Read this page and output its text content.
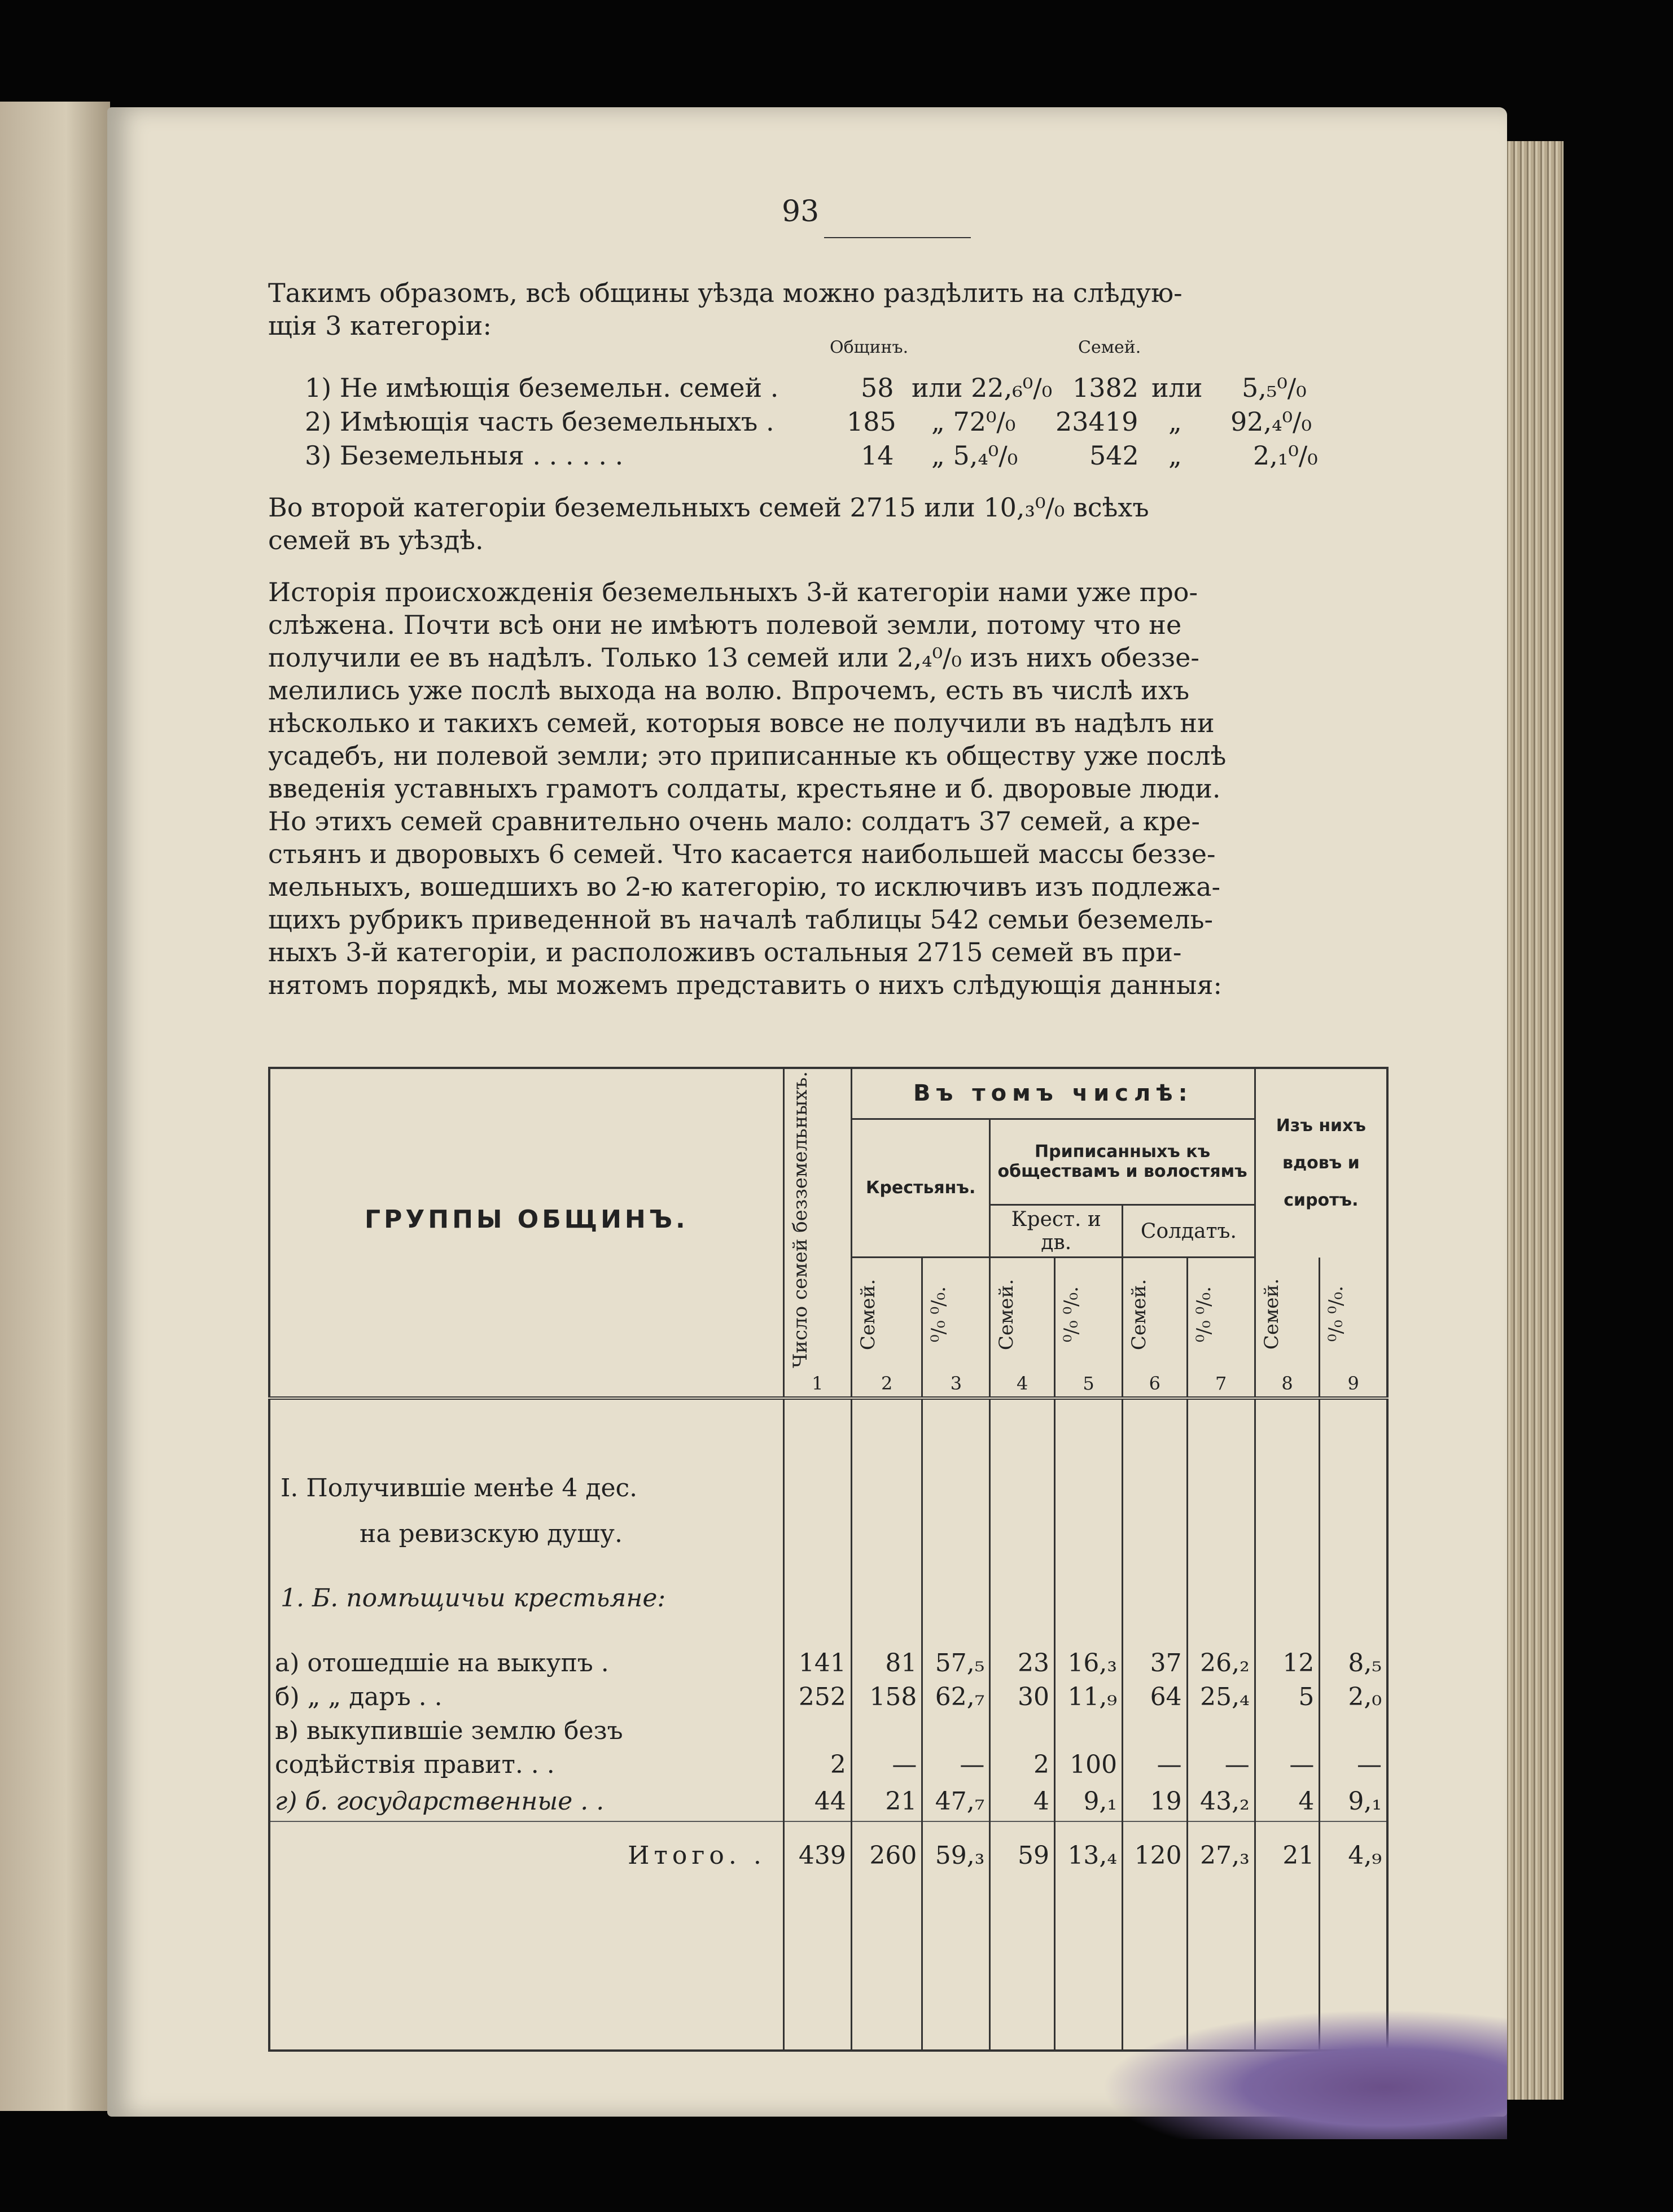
93
Такимъ образомъ, всѣ общины уѣзда можно раздѣлить на слѣдую-
щія 3 категоріи:
Общинъ.	Семей.
1) Не имѣющія беземельн. семей .	58 или 22,₆⁰/₀ 1382 или 5,₅⁰/₀
2) Имѣющія часть беземельныхъ .	185 „ 72⁰/₀ 23419 „ 92,₄⁰/₀
3) Беземельныя . . . . . .	14 „ 5,₄⁰/₀	542 „	2,₁⁰/₀
Во второй категоріи беземельныхъ семей 2715 или 10,₃⁰/₀ всѣхъ
семей въ уѣздѣ.
Исторія происхожденія беземельныхъ 3-й категоріи нами уже про-
слѣжена. Почти всѣ они не имѣютъ полевой земли, потому что не
получили ее въ надѣлъ. Только 13 семей или 2,₄⁰/₀ изъ нихъ обеззе-
мелились уже послѣ выхода на волю. Впрочемъ, есть въ числѣ ихъ
нѣсколько и такихъ семей, которыя вовсе не получили въ надѣлъ ни
усадебъ, ни полевой земли; это приписанные къ обществу уже послѣ
введенія уставныхъ грамотъ солдаты, крестьяне и б. дворовые люди.
Но этихъ семей сравнительно очень мало: солдатъ 37 семей, а кре-
стьянъ и дворовыхъ 6 семей. Что касается наибольшей массы беззе-
мельныхъ, вошедшихъ во 2-ю категорію, то исключивъ изъ подлежа-
щихъ рубрикъ приведенной въ началѣ таблицы 542 семьи беземель-
ныхъ 3-й категоріи, и расположивъ остальныя 2715 семей въ при-
нятомъ порядкѣ, мы можемъ представить о нихъ слѣдующія данныя:
ГРУППЫ ОБЩИНЪ.	Число семей безземельныхъ.	Въ томъ числѣ:						Изъ нихъ вдовъ и сиротъ.	
		Крестьянъ.		Приписанныхъ къ обществамъ и волостямъ					
				Крест. и дв.		Солдатъ.			

		Семей.	⁰/₀ ⁰/₀.	Семей.	⁰/₀ ⁰/₀.	Семей.	⁰/₀ ⁰/₀.	Семей.	⁰/₀ ⁰/₀.

	1	2	3	4	5	6	7	8	9

I. Получившіе менѣе 4 дес.
на ревизскую душу.									

1. Б. помѣщичьи крестьяне:									

а) отошедшіе на выкупъ .	141	81	57,₅	23	16,₃	37	26,₂	12	8,₅
б) „ „ даръ . .	252	158	62,₇	30	11,₉	64	25,₄	5	2,₀
в) выкупившіе землю безъ									
содѣйствія правит. . .	2	—	—	2	100	—	—	—	—
г) б. государственные . .	44	21	47,₇	4	9,₁	19	43,₂	4	9,₁
Итого. .	439	260	59,₃	59	13,₄	120	27,₃	21	4,₉
